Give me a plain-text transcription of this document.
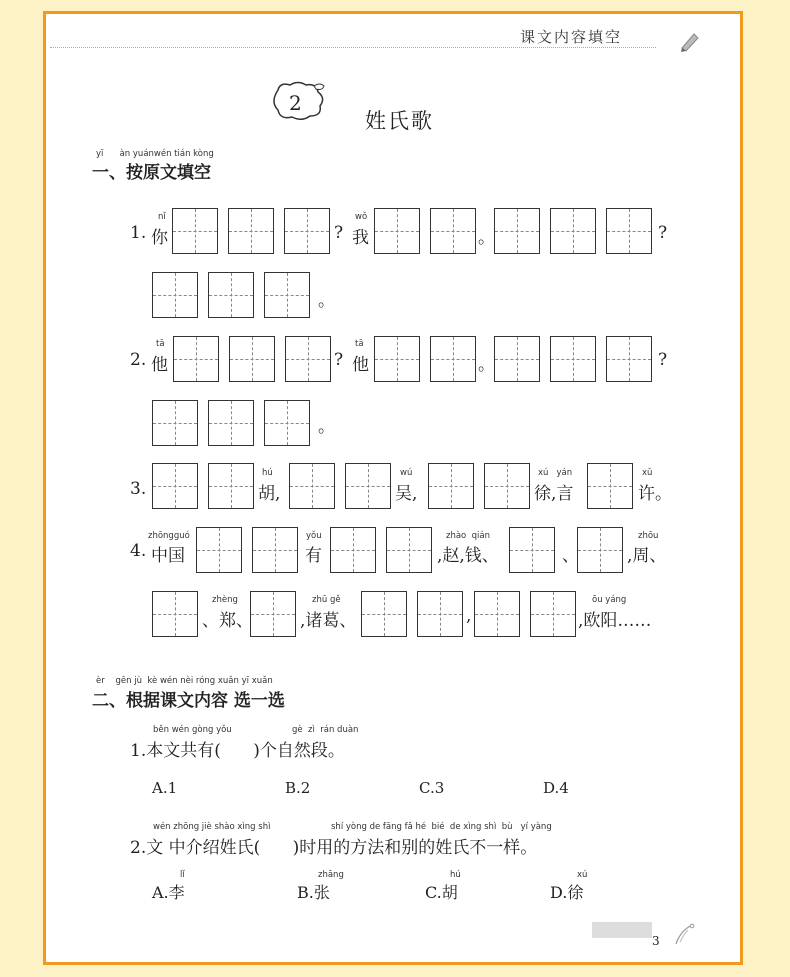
课文内容填空
2
姓氏歌
yī      àn yuánwén tián kòng
一、按原文填空
1.
nǐ
你	?
wǒ
我	。	?
。
2.
tā
他	?
tā
他	。	?
。
3.
hú
胡,
wú
吴,
xú   yán
徐,言
xǔ
许。
4.
zhōngguó
中国
yǒu
有
zhào  qián
,赵,钱、	、
zhōu
,周、
zhèng
、郑、
zhū gě
,诸葛、	,
ōu yáng
,欧阳……
èr    gēn jù  kè wén nèi róng xuǎn yī xuǎn
二、根据课文内容 选一选
běn wén gòng yǒu	gè  zì  rán duàn
1.本文共有(      )个自然段。
A.1	B.2	C.3	D.4
wén zhōng jiè shào xìng shì	shí yòng de fāng fǎ hé  bié  de xìng shì  bù   yí yàng
2.文 中介绍姓氏(      )时用的方法和别的姓氏不一样。
lǐ	zhāng	hú	xú
A.李	B.张	C.胡	D.徐
3
